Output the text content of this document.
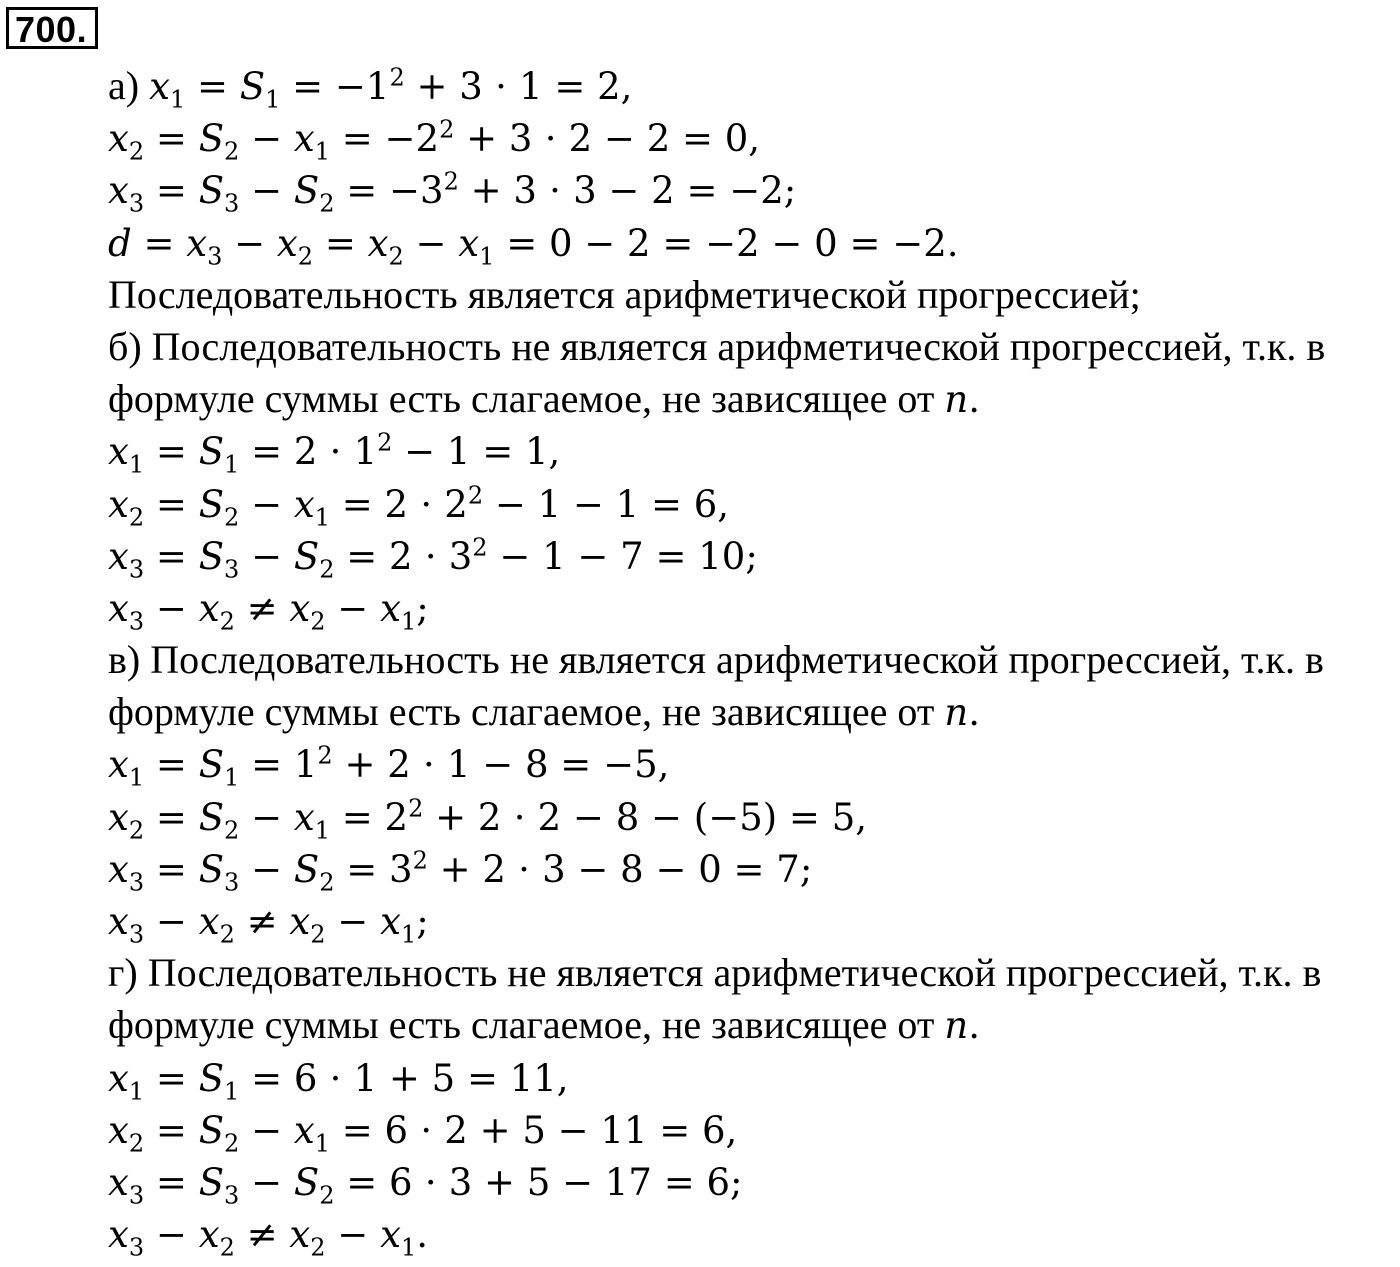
700.
а) $x_1 = S_1 = -1^2 + 3 \cdot 1 = 2$,
$x_2 = S_2 - x_1 = -2^2 + 3 \cdot 2 - 2 = 0$,
$x_3 = S_3 - S_2 = -3^2 + 3 \cdot 3 - 2 = -2$;
$d = x_3 - x_2 = x_2 - x_1 = 0 - 2 = -2 - 0 = -2$.
Последовательность является арифметической прогрессией;
б) Последовательность не является арифметической прогрессией, т.к. в
формуле суммы есть слагаемое, не зависящее от n.
$x_1 = S_1 = 2 \cdot 1^2 - 1 = 1$,
$x_2 = S_2 - x_1 = 2 \cdot 2^2 - 1 - 1 = 6$,
$x_3 = S_3 - S_2 = 2 \cdot 3^2 - 1 - 7 = 10$;
$x_3 - x_2 \ne x_2 - x_1$;
в) Последовательность не является арифметической прогрессией, т.к. в
формуле суммы есть слагаемое, не зависящее от n.
$x_1 = S_1 = 1^2 + 2 \cdot 1 - 8 = -5$,
$x_2 = S_2 - x_1 = 2^2 + 2 \cdot 2 - 8 - (-5) = 5$,
$x_3 = S_3 - S_2 = 3^2 + 2 \cdot 3 - 8 - 0 = 7$;
$x_3 - x_2 \ne x_2 - x_1$;
г) Последовательность не является арифметической прогрессией, т.к. в
формуле суммы есть слагаемое, не зависящее от n.
$x_1 = S_1 = 6 \cdot 1 + 5 = 11$,
$x_2 = S_2 - x_1 = 6 \cdot 2 + 5 - 11 = 6$,
$x_3 = S_3 - S_2 = 6 \cdot 3 + 5 - 17 = 6$;
$x_3 - x_2 \ne x_2 - x_1$.
